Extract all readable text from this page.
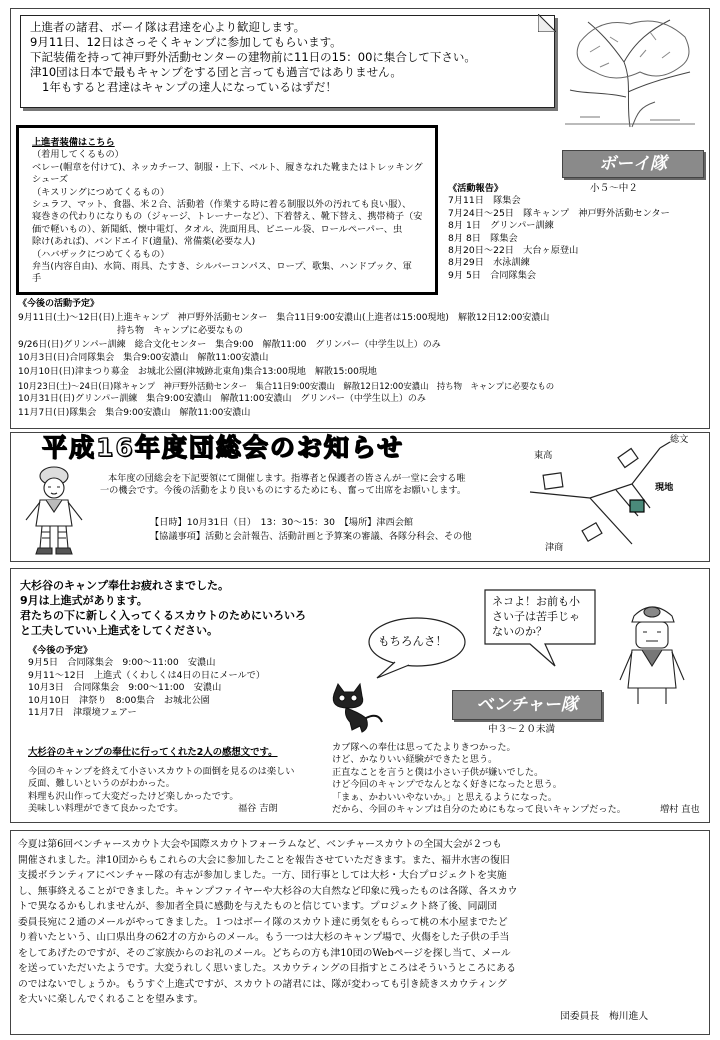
上進者の諸君、ボーイ隊は君達を心より歓迎します。
9月11日、12日はさっそくキャンプに参加してもらいます。
下記装備を持って神戸野外活動センターの建物前に11日の15：00に集合して下さい。
津10団は日本で最もキャンプをする団と言っても過言ではありません。
1年もすると君達はキャンプの達人になっているはずだ！
上進者装備はこちら
（着用してくるもの）
ベレー(帽章を付けて)、ネッカチーフ、制服・上下、ベルト、履きなれた靴またはトレッキング
シューズ
（キスリングにつめてくるもの）
シュラフ、マット、食器、米２合、活動着（作業する時に着る制服以外の汚れても良い服）、
寝巻きの代わりになりもの（ジャージ、トレーナーなど）、下着替え、靴下替え、携帯椅子（安
価で軽いもの）、新聞紙、懐中電灯、タオル、洗面用具、ビニール袋、ロールペーパー、虫
除け(あれば)、バンドエイド(適量)、常備薬(必要な人)
（ハバザックにつめてくるもの）
弁当(内容自由)、水筒、雨具、たすき、シルバーコンパス、ロープ、歌集、ハンドブック、軍
手
ボーイ隊
小５〜中２
《活動報告》
7月11日　隊集会
7月24日〜25日　隊キャンプ　神戸野外活動センター
8月 1日　グリンパー訓練
8月 8日　隊集会
8月20日〜22日　大台ヶ原登山
8月29日　水泳訓練
9月 5日　合同隊集会
《今後の活動予定》
9月11日(土)〜12日(日)上進キャンプ　神戸野外活動センター　集合11日9:00安濃山(上進者は15:00現地)　解散12日12:00安濃山
　　　　　　　　　　　持ち物　キャンプに必要なもの
9/26日(日)グリンパー訓練　総合文化センター　集合9:00　解散11:00　グリンパー（中学生以上）のみ
10月3日(日)合同隊集会　集合9:00安濃山　解散11:00安濃山
10月10日(日)津まつり募金　お城北公園(津城跡北東角)集合13:00現地　解散15:00現地
10月23日(土)〜24日(日)隊キャンプ　神戸野外活動センター　集合11日9:00安濃山　解散12日12:00安濃山　持ち物　キャンプに必要なもの
10月31日(日)グリンパー訓練　集合9:00安濃山　解散11:00安濃山　グリンパー（中学生以上）のみ
11月7日(日)隊集会　集合9:00安濃山　解散11:00安濃山
平成16年度団総会のお知らせ
本年度の団総会を下記要領にて開催します。指導者と保護者の皆さんが一堂に会する唯
一の機会です。今後の活動をより良いものにするためにも、奮って出席をお願いします。
【日時】10月31日（日）　13：30〜15：30　【場所】津西会館
【協議事項】活動と会計報告、活動計画と予算案の審議、各隊分科会、その他
東高
総文
現地
津商
大杉谷のキャンプ奉仕お疲れさまでした。
9月は上進式があります。
君たちの下に新しく入ってくるスカウトのためにいろいろ
と工夫していい上進式をしてください。
《今後の予定》
9月5日　合同隊集会　9:00〜11:00　安濃山
9月11〜12日　上進式（くわしくは4日の日にメールで）
10月3日　合同隊集会　9:00〜11:00　安濃山
10月10日　津祭り　8:00集合　お城北公園
11月7日　津環境フェアー
もちろんさ！
ネコよ！お前も小さい子は苦手じゃないのか？
ベンチャー隊
中３〜２０未満
大杉谷のキャンプの奉仕に行ってくれた2人の感想文です。
今回のキャンプを終えて小さいスカウトの面倒を見るのは楽しい
反面、難しいというのがわかった。
料理も沢山作って大変だったけど楽しかったです。
美味しい料理ができて良かったです。	福谷 吉朗
カブ隊への奉仕は思ってたよりきつかった。
けど、かなりいい経験ができたと思う。
正直なことを言うと僕は小さい子供が嫌いでした。
けど今回のキャンプでなんとなく好きになったと思う。
「まぁ、かわいいやないか。」と思えるようになった。
だから、今回のキャンプは自分のためにもなって良いキャンプだった。	増村 直也
今夏は第6回ベンチャースカウト大会や国際スカウトフォーラムなど、ベンチャースカウトの全国大会が２つも
開催されました。津10団からもこれらの大会に参加したことを報告させていただきます。また、福井水害の復旧
支援ボランティアにベンチャー隊の有志が参加しました。一方、団行事としては大杉・大台プロジェクトを実施
し、無事終えることができました。キャンプファイヤーや大杉谷の大自然など印象に残ったものは各隊、各スカウ
トで異なるかもしれませんが、参加者全員に感動を与えたものと信じています。プロジェクト終了後、同副団
委員長宛に２通のメールがやってきました。１つはボーイ隊のスカウト達に勇気をもらって桃の木小屋までたど
り着いたという、山口県出身の62才の方からのメール。もう一つは大杉のキャンプ場で、火傷をした子供の手当
をしてあげたのですが、そのご家族からのお礼のメール。どちらの方も津10団のWebページを探し当て、メール
を送っていただいたようです。大変うれしく思いました。スカウティングの目指すところはそういうところにある
のではないでしょうか。もうすぐ上進式ですが、スカウトの諸君には、隊が変わっても引き続きスカウティング
を大いに楽しんでくれることを望みます。
団委員長　梅川進人
